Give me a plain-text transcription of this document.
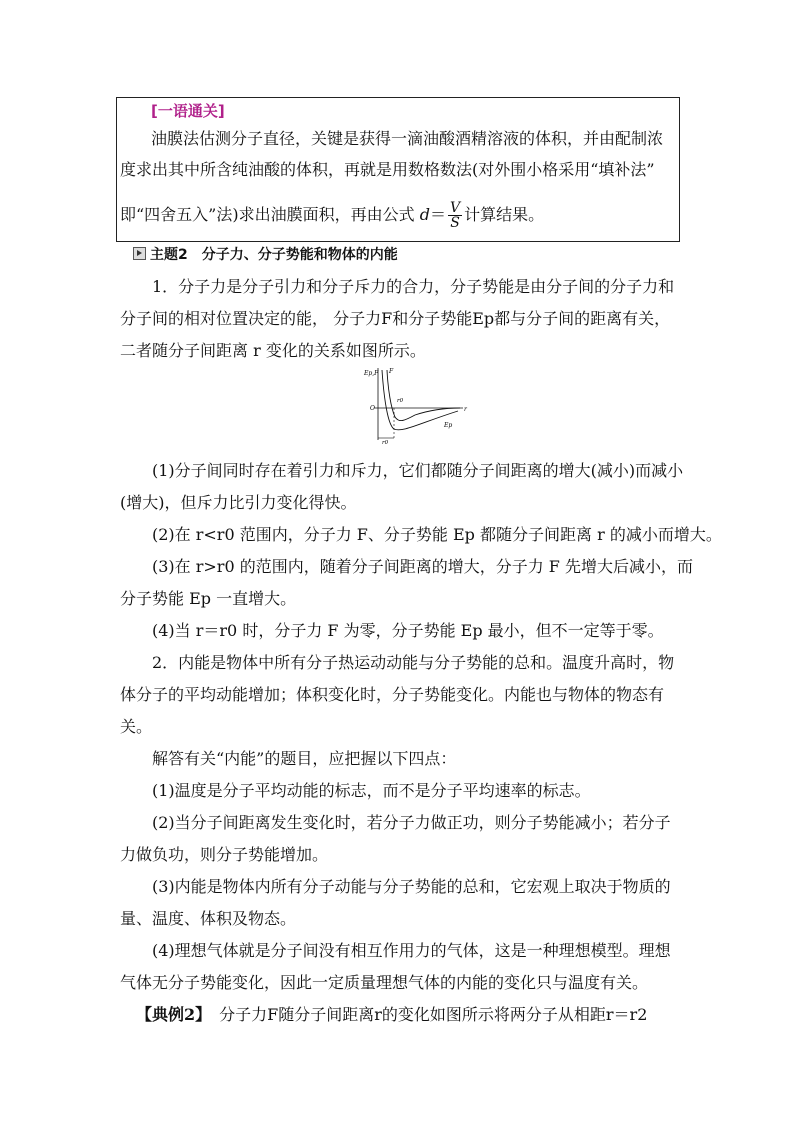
[一语通关]
油膜法估测分子直径，关键是获得一滴油酸酒精溶液的体积，并由配制浓
度求出其中所含纯油酸的体积，再就是用数格数法(对外围小格采用“填补法”
即“四舍五入”法)求出油膜面积，再由公式 $d= \frac{V}{S}$ 计算结果。
主题2　分子力、分子势能和物体的内能
1．分子力是分子引力和分子斥力的合力，分子势能是由分子间的分子力和
分子间的相对位置决定的能， 分子力F和分子势能Ep都与分子间的距离有关，
二者随分子间距离 r 变化的关系如图所示。
Ep,F F
O	r
r0
r0
Ep
(1)分子间同时存在着引力和斥力，它们都随分子间距离的增大(减小)而减小
(增大)，但斥力比引力变化得快。
(2)在 r<r0 范围内，分子力 F、分子势能 Ep 都随分子间距离 r 的减小而增大。
(3)在 r>r0 的范围内，随着分子间距离的增大，分子力 F 先增大后减小，而
分子势能 Ep 一直增大。
(4)当 r＝r0 时，分子力 F 为零，分子势能 Ep 最小，但不一定等于零。
2．内能是物体中所有分子热运动动能与分子势能的总和。温度升高时，物
体分子的平均动能增加；体积变化时，分子势能变化。内能也与物体的物态有
关。
解答有关“内能”的题目，应把握以下四点：
(1)温度是分子平均动能的标志，而不是分子平均速率的标志。
(2)当分子间距离发生变化时，若分子力做正功，则分子势能减小；若分子
力做负功，则分子势能增加。
(3)内能是物体内所有分子动能与分子势能的总和，它宏观上取决于物质的
量、温度、体积及物态。
(4)理想气体就是分子间没有相互作用力的气体，这是一种理想模型。理想
气体无分子势能变化，因此一定质量理想气体的内能的变化只与温度有关。
【典例2】　分子力F随分子间距离r的变化如图所示将两分子从相距r＝r2
